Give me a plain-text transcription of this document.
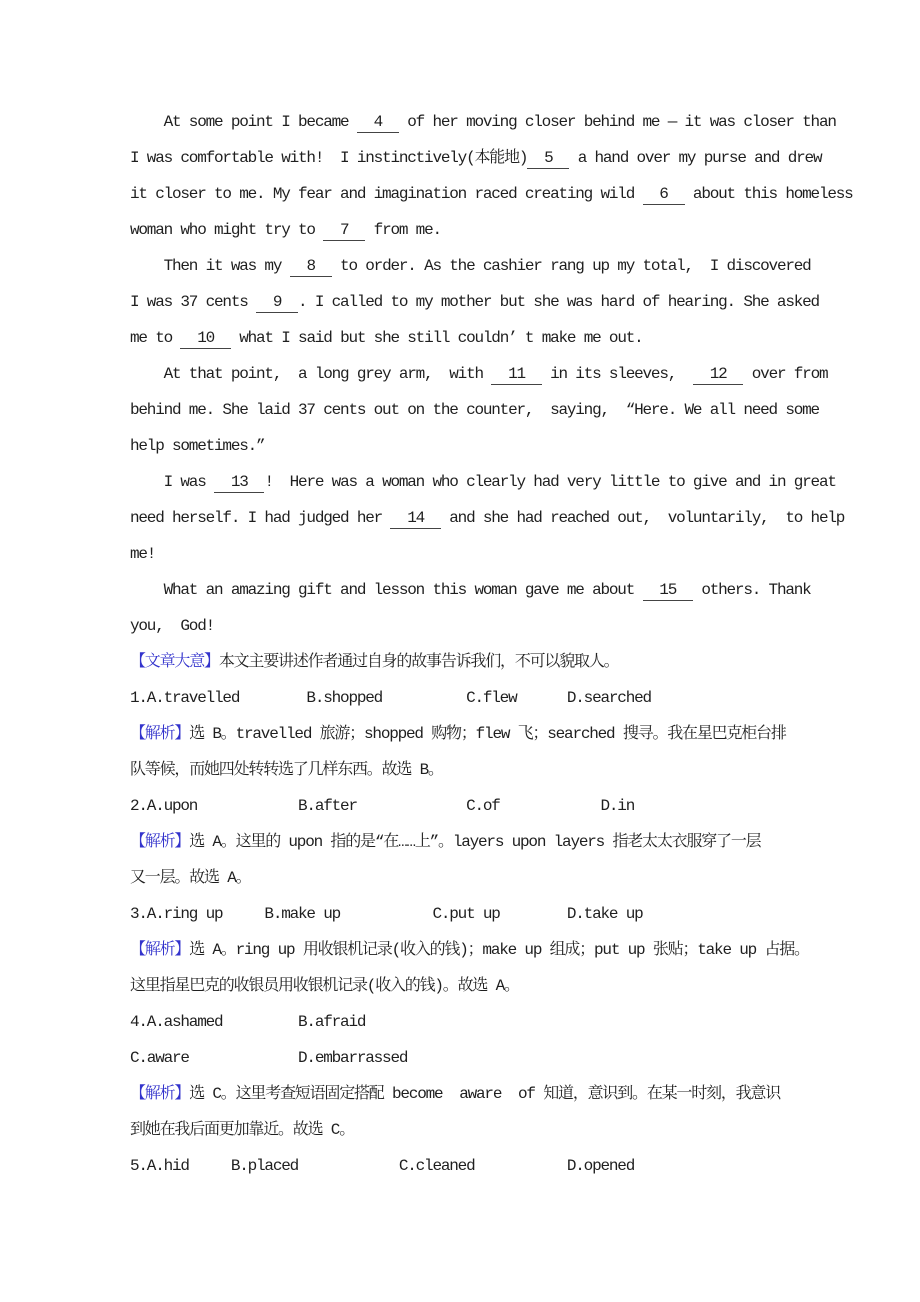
At some point I became   4   of her moving closer behind me — it was closer than
I was comfortable with!  I instinctively(本能地)  5   a hand over my purse and drew
it closer to me. My fear and imagination raced creating wild   6   about this homeless
woman who might try to   7   from me.
Then it was my   8   to order. As the cashier rang up my total,  I discovered
I was 37 cents   9  . I called to my mother but she was hard of hearing. She asked
me to   10   what I said but she still couldn’ t make me out.
At that point,  a long grey arm,  with   11   in its sleeves,    12   over from
behind me. She laid 37 cents out on the counter,  saying,  “Here. We all need some
help sometimes.”
I was   13  !  Here was a woman who clearly had very little to give and in great
need herself. I had judged her   14   and she had reached out,  voluntarily,  to help
me!
What an amazing gift and lesson this woman gave me about   15   others. Thank
you,  God!
【文章大意】本文主要讲述作者通过自身的故事告诉我们，不可以貌取人。
1.A.travelled        B.shopped          C.flew      D.searched
【解析】选 B。travelled 旅游；shopped 购物；flew 飞；searched 搜寻。我在星巴克柜台排
队等候，而她四处转转选了几样东西。故选 B。
2.A.upon            B.after             C.of            D.in
【解析】选 A。这里的 upon 指的是“在……上”。layers upon layers 指老太太衣服穿了一层
又一层。故选 A。
3.A.ring up     B.make up           C.put up        D.take up
【解析】选 A。ring up 用收银机记录(收入的钱)；make up 组成；put up 张贴；take up 占据。
这里指星巴克的收银员用收银机记录(收入的钱)。故选 A。
4.A.ashamed         B.afraid
C.aware             D.embarrassed
【解析】选 C。这里考查短语固定搭配 become  aware  of 知道，意识到。在某一时刻，我意识
到她在我后面更加靠近。故选 C。
5.A.hid     B.placed            C.cleaned           D.opened
